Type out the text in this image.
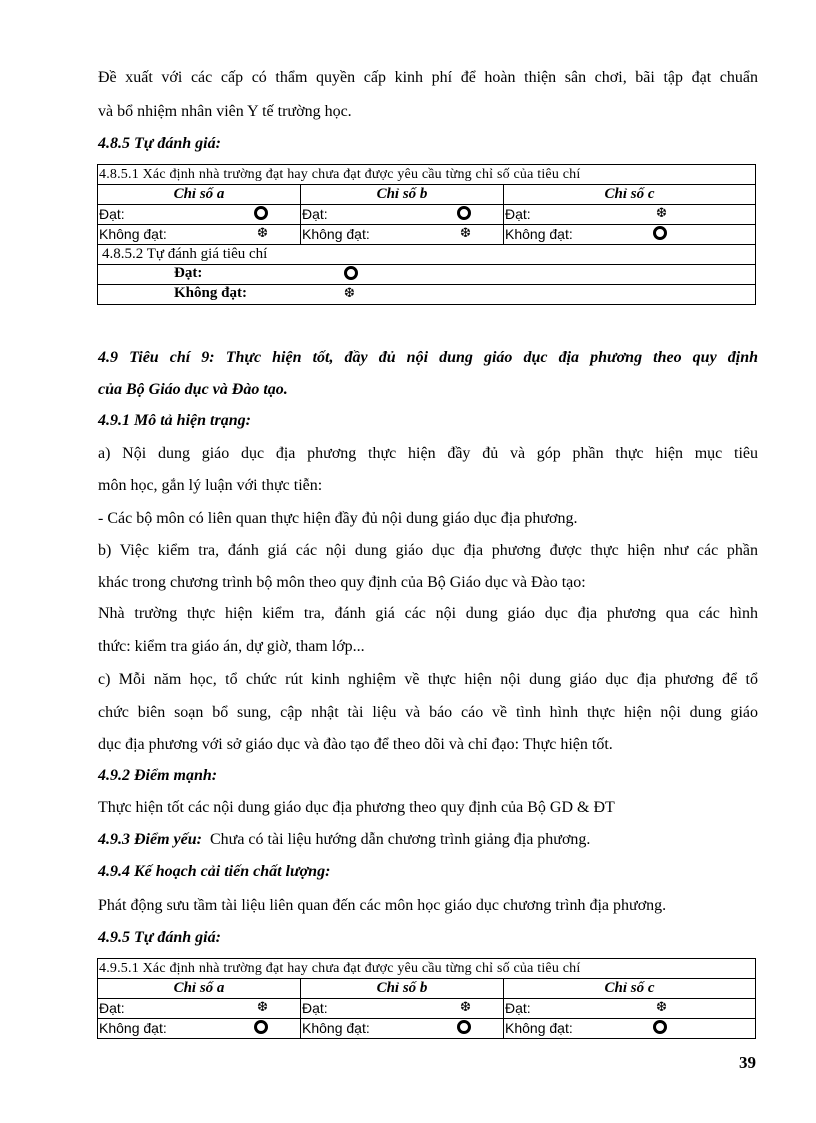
Đề xuất với các cấp có thẩm quyền cấp kinh phí để hoàn thiện sân chơi, bãi tập đạt chuẩn
và bổ nhiệm nhân viên Y tế trường học.
4.8.5 Tự đánh giá:
4.8.5.1 Xác định nhà trường đạt hay chưa đạt được yêu cầu từng chỉ số của tiêu chí		
Chỉ số a	Chỉ số b	Chỉ số c
Đạt:	Đạt:	Đạt: ❆

Không đạt: ❆	Không đạt: ❆	Không đạt:

4.8.5.2 Tự đánh giá tiêu chí		

Đạt:		

Không đạt: ❆		
4.9 Tiêu chí 9: Thực hiện tốt, đầy đủ nội dung giáo dục địa phương theo quy định
của Bộ Giáo dục và Đào tạo.
4.9.1 Mô tả hiện trạng:
a) Nội dung giáo dục địa phương thực hiện đầy đủ và góp phần thực hiện mục tiêu
môn học, gắn lý luận với thực tiễn:
- Các bộ môn có liên quan thực hiện đầy đủ nội dung giáo dục địa phương.
b) Việc kiểm tra, đánh giá các nội dung giáo dục địa phương được thực hiện như các phần
khác trong chương trình bộ môn theo quy định của Bộ Giáo dục và Đào tạo:
Nhà trường thực hiện kiểm tra, đánh giá các nội dung giáo dục địa phương qua các hình
thức: kiểm tra giáo án, dự giờ, tham lớp...
c) Mỗi năm học, tổ chức rút kinh nghiệm về thực hiện nội dung giáo dục địa phương để tổ
chức biên soạn bổ sung, cập nhật tài liệu và báo cáo về tình hình thực hiện nội dung giáo
dục địa phương với sở giáo dục và đào tạo để theo dõi và chỉ đạo: Thực hiện tốt.
4.9.2 Điểm mạnh:
Thực hiện tốt các nội dung giáo dục địa phương theo quy định của Bộ GD & ĐT
4.9.3 Điểm yếu: Chưa có tài liệu hướng dẫn chương trình giảng địa phương.
4.9.4 Kế hoạch cải tiến chất lượng:
Phát động sưu tầm tài liệu liên quan đến các môn học giáo dục chương trình địa phương.
4.9.5 Tự đánh giá:
4.9.5.1 Xác định nhà trường đạt hay chưa đạt được yêu cầu từng chỉ số của tiêu chí		
Chỉ số a	Chỉ số b	Chỉ số c
Đạt: ❆	Đạt: ❆	Đạt: ❆

Không đạt:	Không đạt:	Không đạt:
39
